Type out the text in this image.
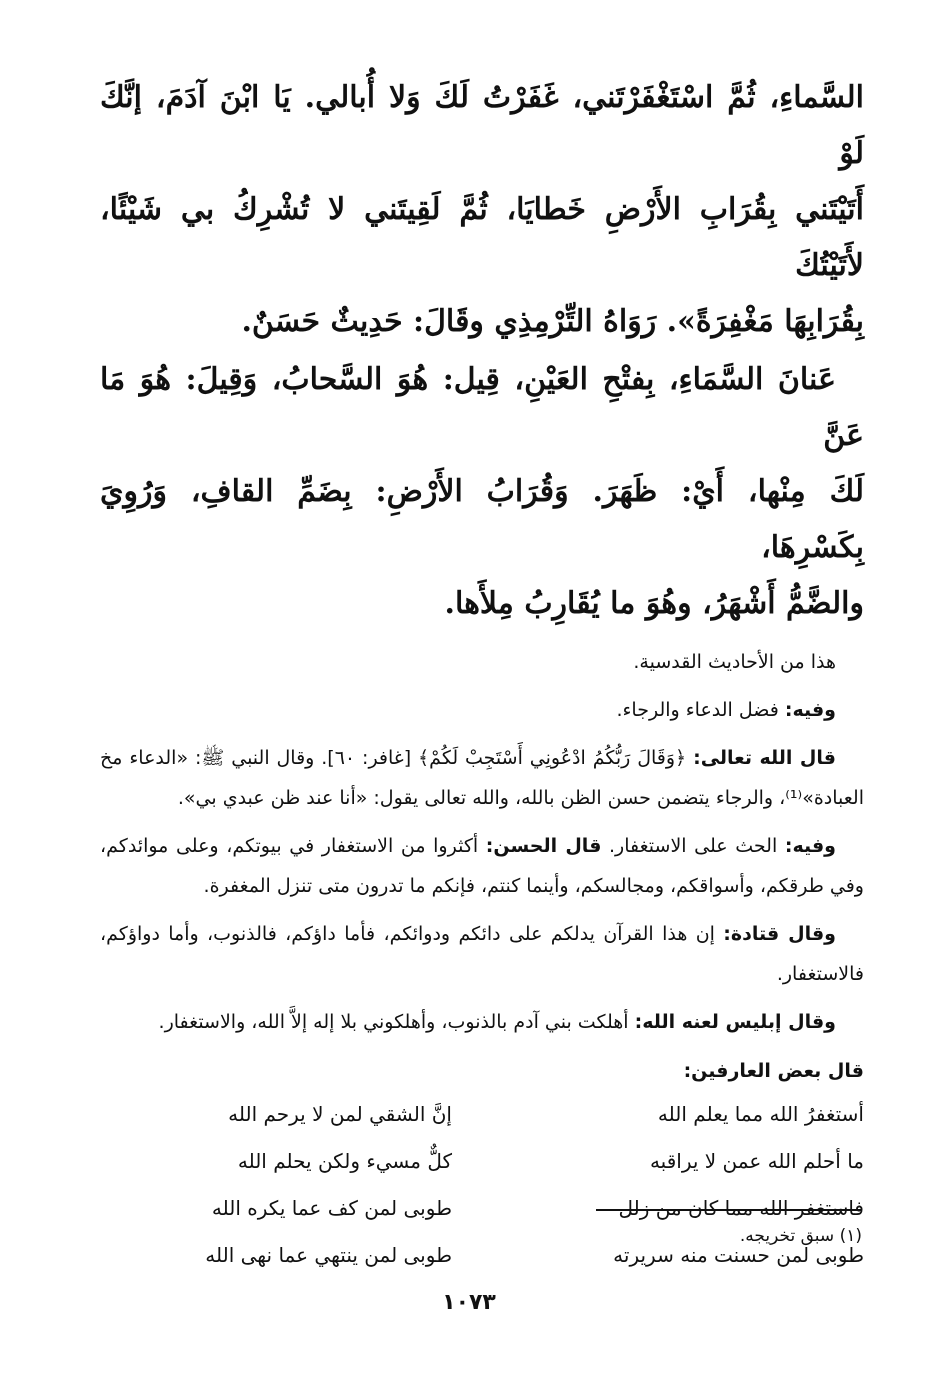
السَّماءِ، ثُمَّ اسْتَغْفَرْتَني، غَفَرْتُ لَكَ وَلا أُبالي. يَا ابْنَ آدَمَ، إنَّكَ لَوْ

أَتَيْتَني بِقُرَابِ الأَرْضِ خَطايَا، ثُمَّ لَقِيتَني لا تُشْرِكُ بي شَيْئًا، لأَتَيْتُكَ

بِقُرَابِهَا مَغْفِرَةً». رَوَاهُ التِّرْمِذِي وقَالَ: حَدِيثٌ حَسَنٌ.

عَنانَ السَّمَاءِ، بِفتْحِ العَيْنِ، قِيل: هُوَ السَّحابُ، وَقِيلَ: هُوَ مَا عَنَّ

لَكَ مِنْها، أَيْ: ظَهَرَ. وَقُرَابُ الأَرْضِ: بِضَمِّ القافِ، وَرُوِيَ بِكَسْرِهَا،

والضَّمُّ أَشْهَرُ، وهُوَ ما يُقَارِبُ مِلأَها.

هذا من الأحاديث القدسية.

وفيه: فضل الدعاء والرجاء.

قال الله تعالى: ﴿وَقَالَ رَبُّكُمُ ادْعُونِي أَسْتَجِبْ لَكُمْ﴾ [غافر: ٦٠]. وقال النبي ﷺ: «الدعاء مخ العبادة»⁽¹⁾، والرجاء يتضمن حسن الظن بالله، والله تعالى يقول: «أنا عند ظن عبدي بي».

وفيه: الحث على الاستغفار. قال الحسن: أكثروا من الاستغفار في بيوتكم، وعلى موائدكم، وفي طرقكم، وأسواقكم، ومجالسكم، وأينما كنتم، فإنكم ما تدرون متى تنزل المغفرة.

وقال قتادة: إن هذا القرآن يدلكم على دائكم ودوائكم، فأما داؤكم، فالذنوب، وأما دواؤكم، فالاستغفار.

وقال إبليس لعنه الله: أهلكت بني آدم بالذنوب، وأهلكوني بلا إله إلاَّ الله، والاستغفار.

قال بعض العارفين:
أستغفرُ الله مما يعلم الله	إنَّ الشقي لمن لا يرحم الله
ما أحلم الله عمن لا يراقبه	كلٌّ مسيء ولكن يحلم الله
فاستغفر الله مما كان من زلل	طوبى لمن كف عما يكره الله
طوبى لمن حسنت منه سريرته	طوبى لمن ينتهي عما نهى الله
(١) سبق تخريجه.
١٠٧٣
